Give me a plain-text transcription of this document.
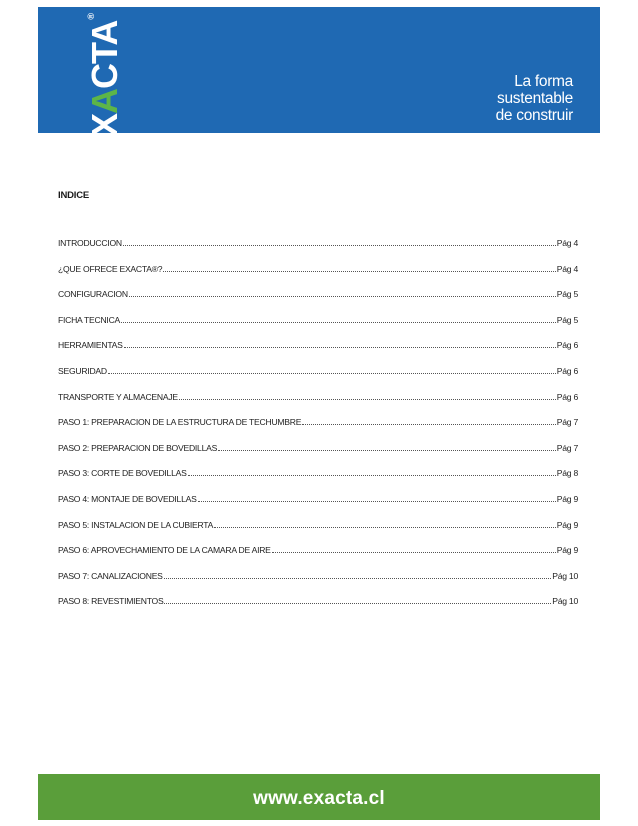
EXACTA®
La forma
sustentable
de construir
INDICE
INTRODUCCION	Pág 4
¿QUE OFRECE EXACTA®?	Pág 4
CONFIGURACION	Pág 5
FICHA TECNICA	Pág 5
HERRAMIENTAS	Pág 6
SEGURIDAD	Pág 6
TRANSPORTE Y ALMACENAJE	Pág 6
PASO 1: PREPARACION DE LA ESTRUCTURA DE TECHUMBRE	Pág 7
PASO 2: PREPARACION DE BOVEDILLAS	Pág 7
PASO 3: CORTE DE BOVEDILLAS	Pág 8
PASO 4: MONTAJE DE BOVEDILLAS	Pág 9
PASO 5: INSTALACION DE LA CUBIERTA	Pág 9
PASO 6: APROVECHAMIENTO DE LA CAMARA DE AIRE	Pág 9
PASO 7: CANALIZACIONES	Pág 10
PASO 8: REVESTIMIENTOS	Pág 10
www.exacta.cl
